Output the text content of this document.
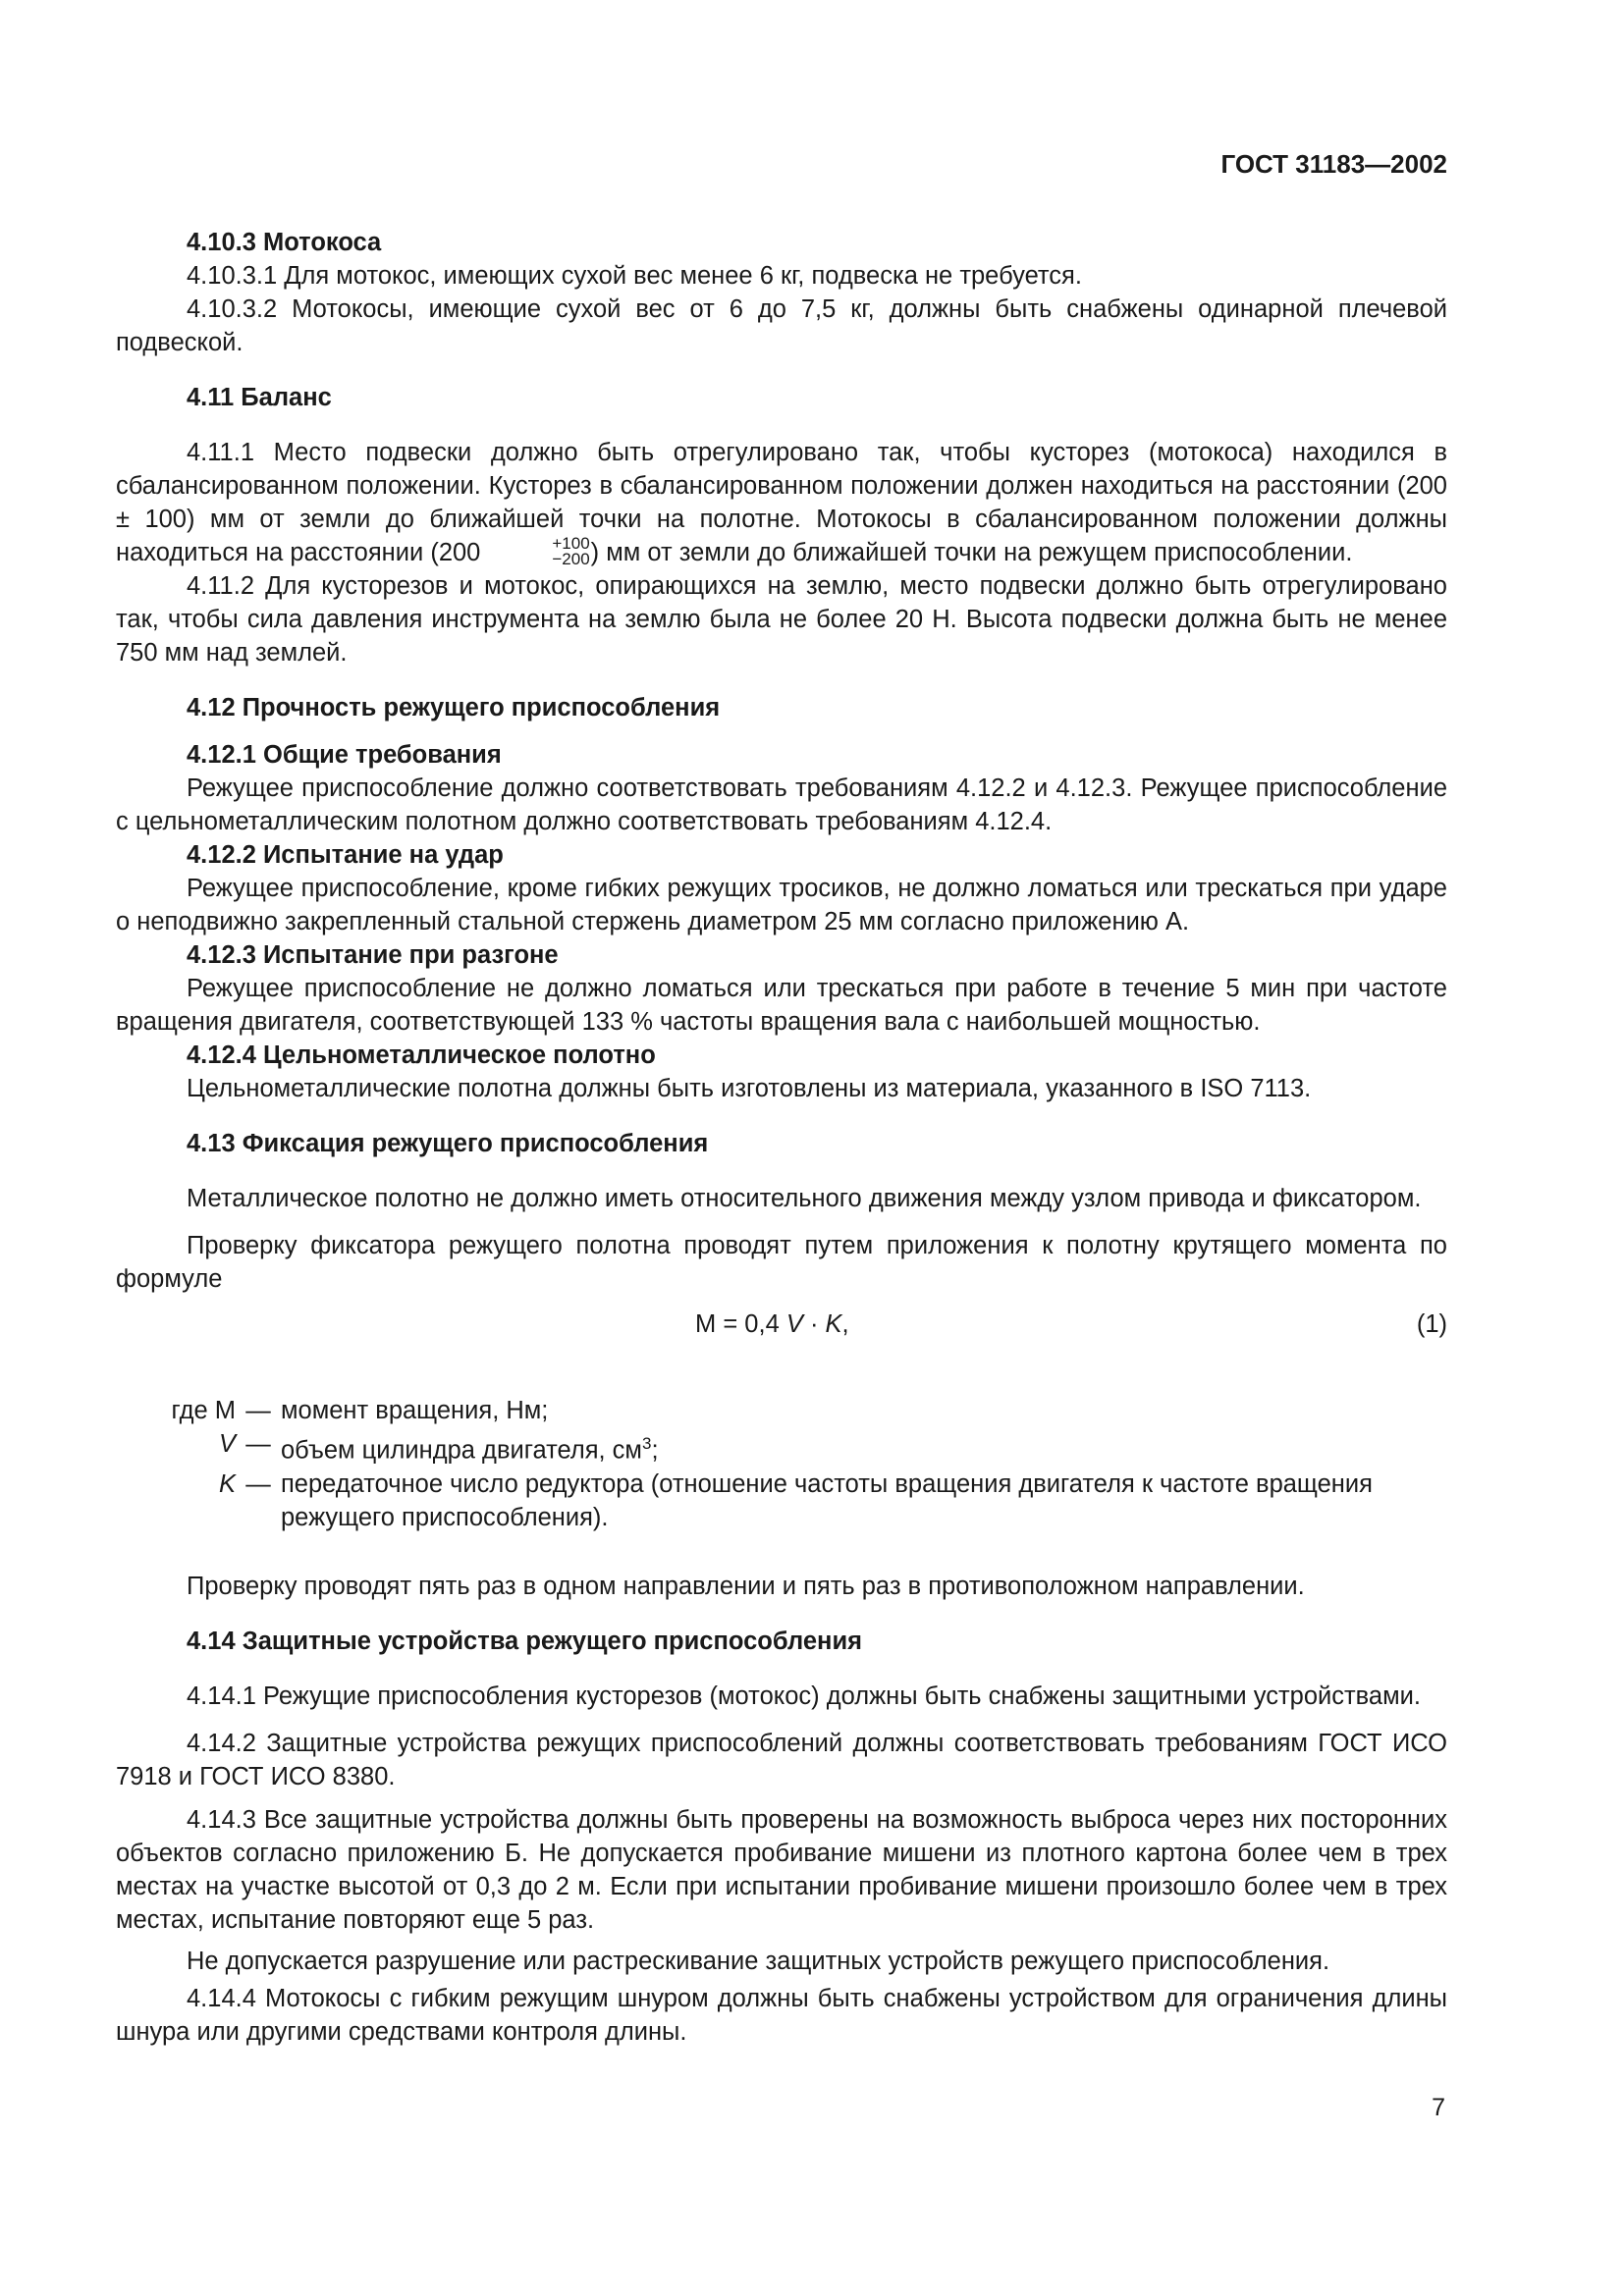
ГОСТ 31183—2002

4.10.3 Мотокоса

4.10.3.1 Для мотокос, имеющих сухой вес менее 6 кг, подвеска не требуется.

4.10.3.2 Мотокосы, имеющие сухой вес от 6 до 7,5 кг, должны быть снабжены одинарной плечевой подвеской.

4.11 Баланс

4.11.1 Место подвески должно быть отрегулировано так, чтобы кусторез (мотокоса) находился в сбалансированном положении. Кусторез в сбалансированном положении должен находиться на расстоянии (200 ± 100) мм от земли до ближайшей точки на полотне. Мотокосы в сбалансированном положении должны находиться на расстоянии (200	+100
−200 ) мм от земли до ближайшей точки на режущем приспособлении.

4.11.2 Для кусторезов и мотокос, опирающихся на землю, место подвески должно быть отрегулировано так, чтобы сила давления инструмента на землю была не более 20 Н. Высота подвески должна быть не менее 750 мм над землей.

4.12 Прочность режущего приспособления

4.12.1 Общие требования

Режущее приспособление должно соответствовать требованиям 4.12.2 и 4.12.3. Режущее приспособление с цельнометаллическим полотном должно соответствовать требованиям 4.12.4.

4.12.2 Испытание на удар

Режущее приспособление, кроме гибких режущих тросиков, не должно ломаться или трескаться при ударе о неподвижно закрепленный стальной стержень диаметром 25 мм согласно приложению А.

4.12.3 Испытание при разгоне

Режущее приспособление не должно ломаться или трескаться при работе в течение 5 мин при частоте вращения двигателя, соответствующей 133 % частоты вращения вала с наибольшей мощностью.

4.12.4 Цельнометаллическое полотно

Цельнометаллические полотна должны быть изготовлены из материала, указанного в ISO 7113.

4.13 Фиксация режущего приспособления

Металлическое полотно не должно иметь относительного движения между узлом привода и фиксатором.

Проверку фиксатора режущего полотна проводят путем приложения к полотну крутящего момента по формуле

М = 0,4 V · K,	(1)
где М — момент вращения, Нм;
V — объем цилиндра двигателя, $см^3$;
K — передаточное число редуктора (отношение частоты вращения двигателя к частоте вращения режущего приспособления).

Проверку проводят пять раз в одном направлении и пять раз в противоположном направлении.

4.14 Защитные устройства режущего приспособления

4.14.1 Режущие приспособления кусторезов (мотокос) должны быть снабжены защитными устройствами.

4.14.2 Защитные устройства режущих приспособлений должны соответствовать требованиям ГОСТ ИСО 7918 и ГОСТ ИСО 8380.

4.14.3 Все защитные устройства должны быть проверены на возможность выброса через них посторонних объектов согласно приложению Б. Не допускается пробивание мишени из плотного картона более чем в трех местах на участке высотой от 0,3 до 2 м. Если при испытании пробивание мишени произошло более чем в трех местах, испытание повторяют еще 5 раз.

Не допускается разрушение или растрескивание защитных устройств режущего приспособления.

4.14.4 Мотокосы с гибким режущим шнуром должны быть снабжены устройством для ограничения длины шнура или другими средствами контроля длины.

7
